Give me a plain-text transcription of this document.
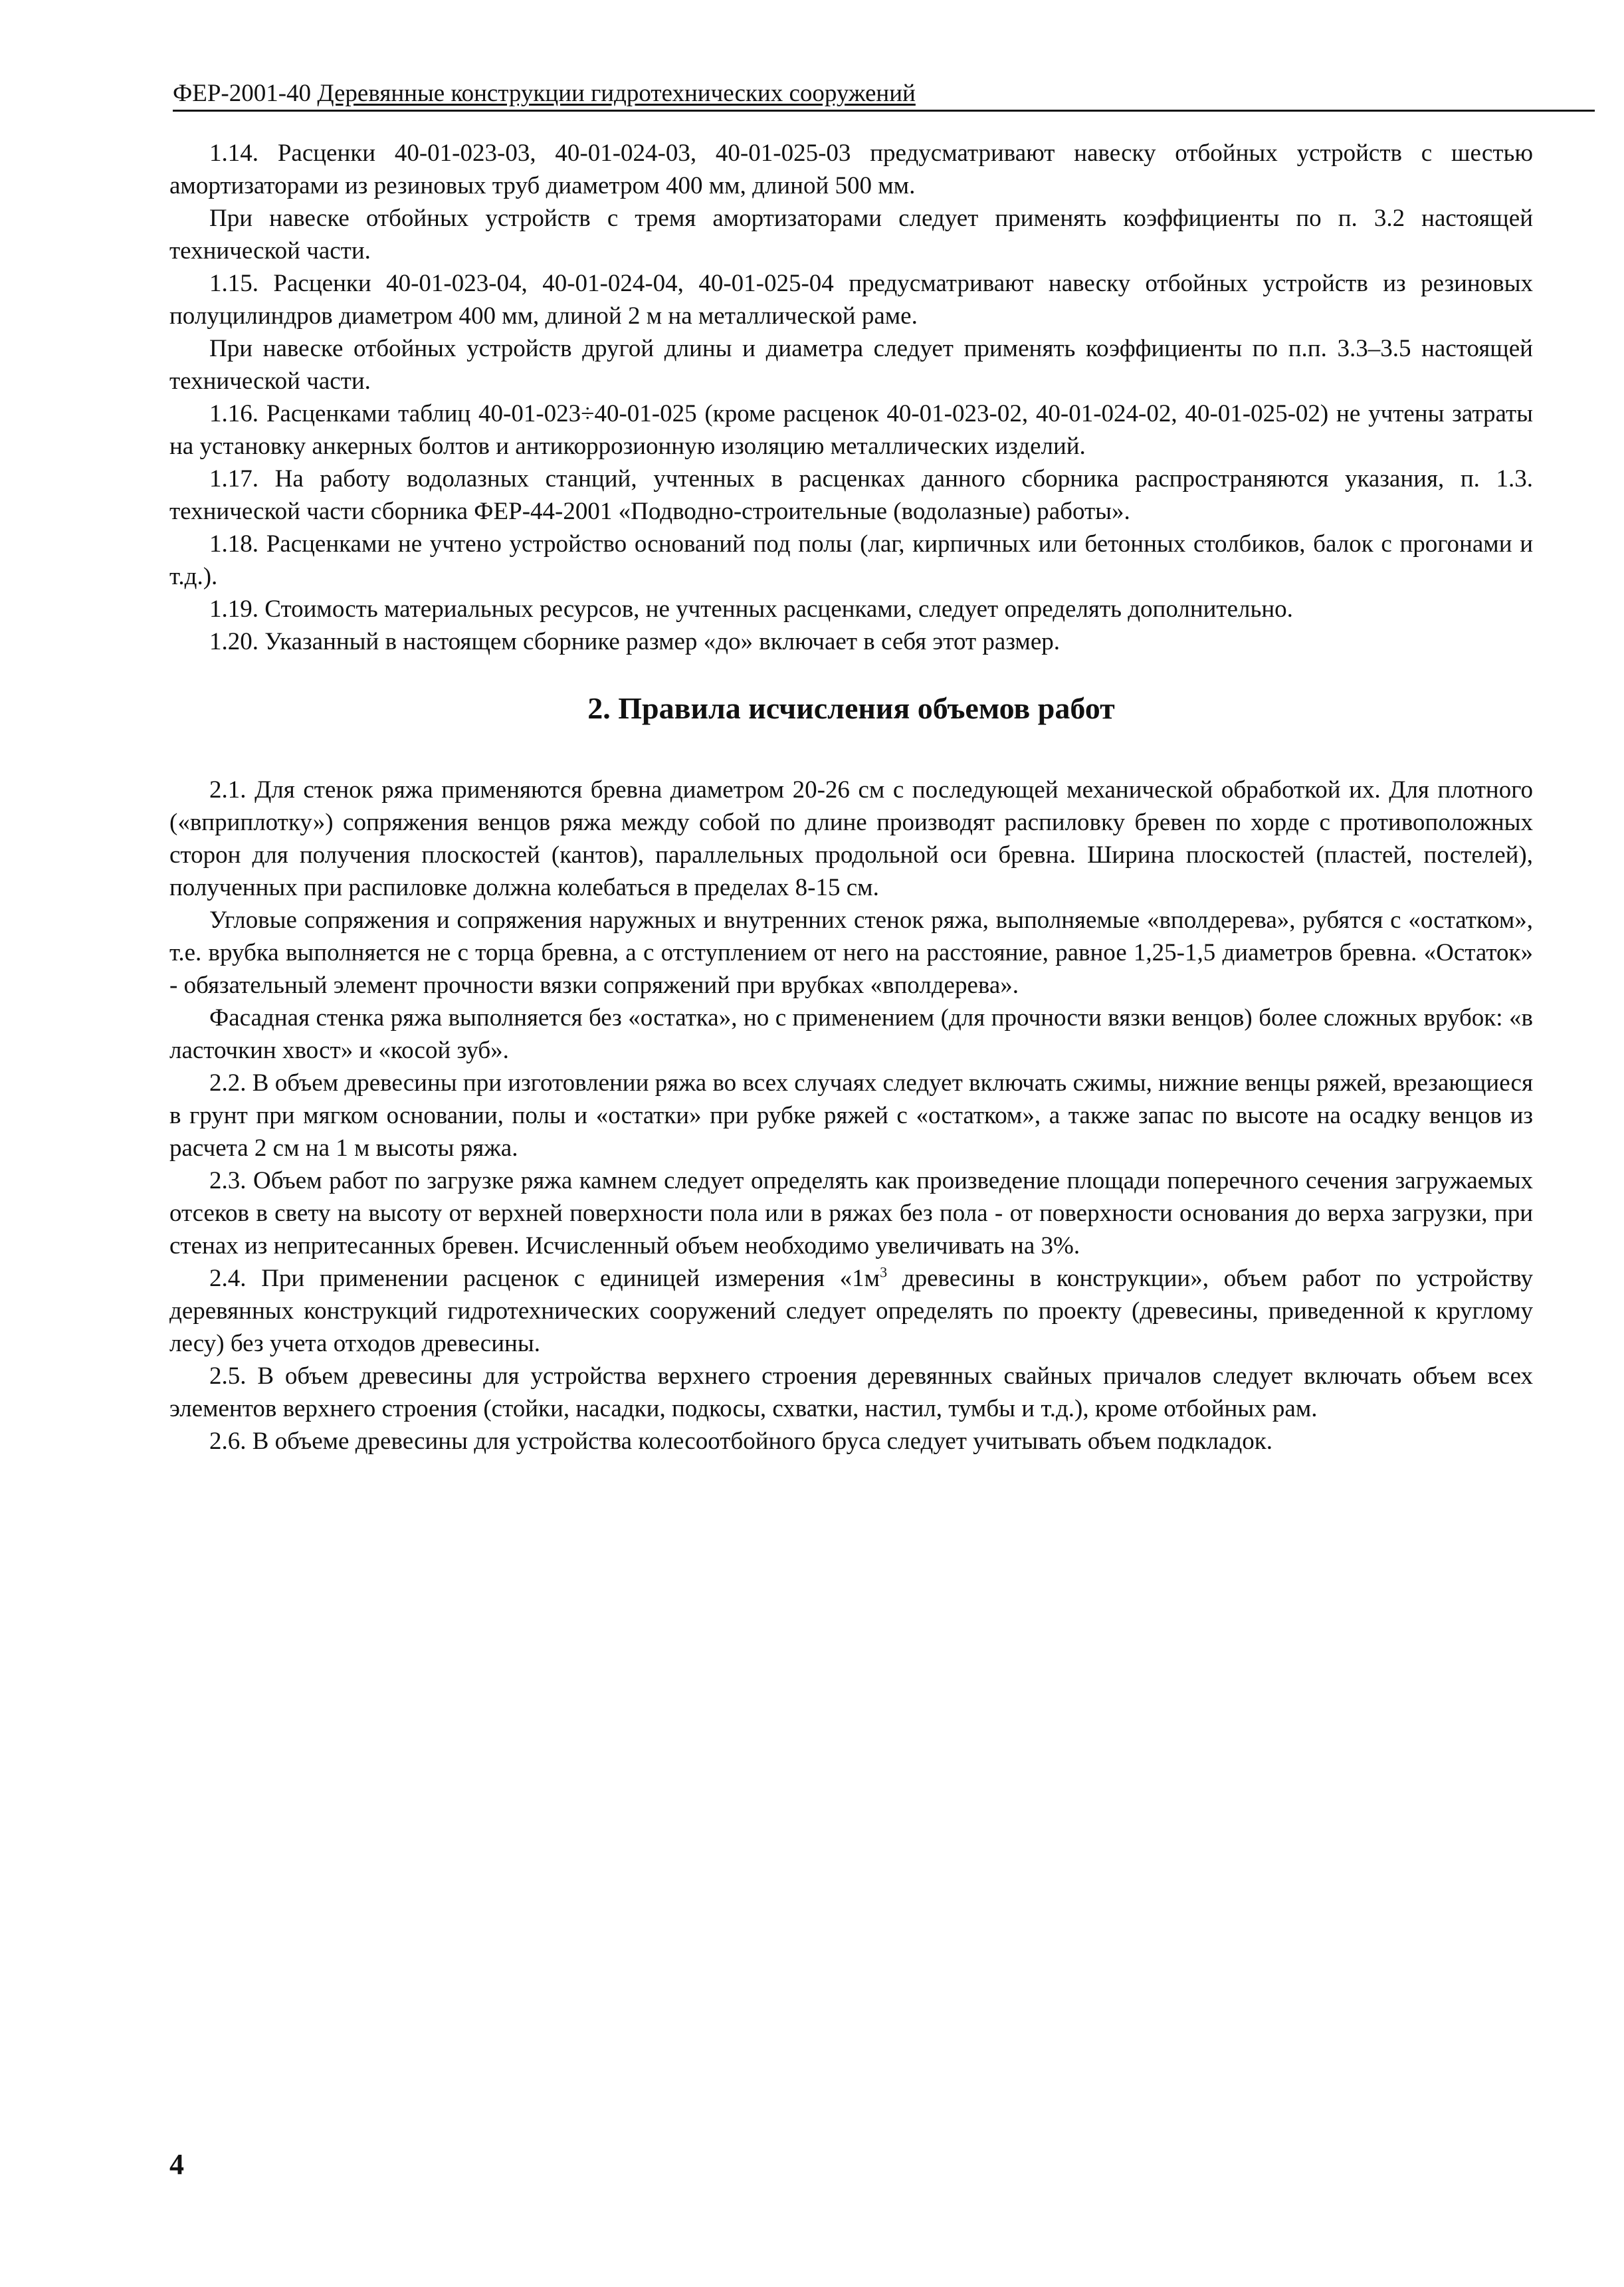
ФЕР-2001-40 Деревянные конструкции гидротехнических сооружений

1.14. Расценки 40-01-023-03, 40-01-024-03, 40-01-025-03 предусматривают навеску отбойных устройств с шестью амортизаторами из резиновых труб диаметром 400 мм, длиной 500 мм.

При навеске отбойных устройств с тремя амортизаторами следует применять коэффициенты по п. 3.2 настоящей технической части.

1.15. Расценки 40-01-023-04, 40-01-024-04, 40-01-025-04 предусматривают навеску отбойных устройств из резиновых полуцилиндров диаметром 400 мм, длиной 2 м на металлической раме.

При навеске отбойных устройств другой длины и диаметра следует применять коэффициенты по п.п. 3.3–3.5 настоящей технической части.

1.16. Расценками таблиц 40-01-023÷40-01-025 (кроме расценок 40-01-023-02, 40-01-024-02, 40-01-025-02) не учтены затраты на установку анкерных болтов и антикоррозионную изоляцию металлических изделий.

1.17. На работу водолазных станций, учтенных в расценках данного сборника распространяются указания, п. 1.3. технической части сборника ФЕР-44-2001 «Подводно-строительные (водолазные) работы».

1.18. Расценками не учтено устройство оснований под полы (лаг, кирпичных или бетонных столбиков, балок с прогонами и т.д.).

1.19. Стоимость материальных ресурсов, не учтенных расценками, следует определять дополнительно.

1.20. Указанный в настоящем сборнике размер «до» включает в себя этот размер.

2. Правила исчисления объемов работ

2.1. Для стенок ряжа применяются бревна диаметром 20-26 см с последующей механической обработкой их. Для плотного («вприплотку») сопряжения венцов ряжа между собой по длине производят распиловку бревен по хорде с противоположных сторон для получения плоскостей (кантов), параллельных продольной оси бревна. Ширина плоскостей (пластей, постелей), полученных при распиловке должна колебаться в пределах 8-15 см.

Угловые сопряжения и сопряжения наружных и внутренних стенок ряжа, выполняемые «вполдерева», рубятся с «остатком», т.е. врубка выполняется не с торца бревна, а с отступлением от него на расстояние, равное 1,25-1,5 диаметров бревна. «Остаток» - обязательный элемент прочности вязки сопряжений при врубках «вполдерева».

Фасадная стенка ряжа выполняется без «остатка», но с применением (для прочности вязки венцов) более сложных врубок: «в ласточкин хвост» и «косой зуб».

2.2. В объем древесины при изготовлении ряжа во всех случаях следует включать сжимы, нижние венцы ряжей, врезающиеся в грунт при мягком основании, полы и «остатки» при рубке ряжей с «остатком», а также запас по высоте на осадку венцов из расчета 2 см на 1 м высоты ряжа.

2.3. Объем работ по загрузке ряжа камнем следует определять как произведение площади поперечного сечения загружаемых отсеков в свету на высоту от верхней поверхности пола или в ряжах без пола - от поверхности основания до верха загрузки, при стенах из непритесанных бревен. Исчисленный объем необходимо увеличивать на 3%.

2.4. При применении расценок с единицей измерения «$1м^3$ древесины в конструкции», объем работ по устройству деревянных конструкций гидротехнических сооружений следует определять по проекту (древесины, приведенной к круглому лесу) без учета отходов древесины.

2.5. В объем древесины для устройства верхнего строения деревянных свайных причалов следует включать объем всех элементов верхнего строения (стойки, насадки, подкосы, схватки, настил, тумбы и т.д.), кроме отбойных рам.

2.6. В объеме древесины для устройства колесоотбойного бруса следует учитывать объем подкладок.

4
